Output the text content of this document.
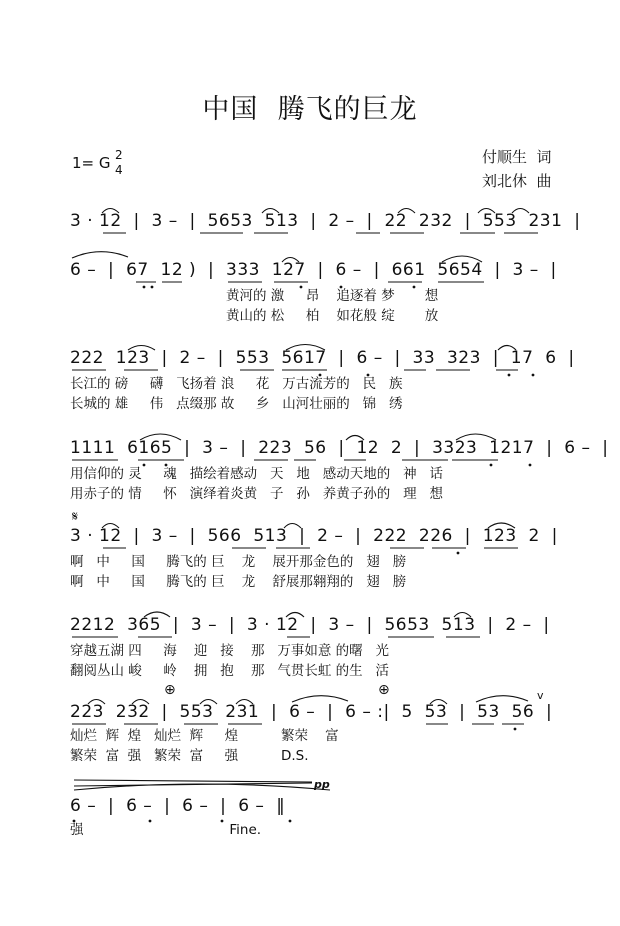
中国  腾飞的巨龙
1= G 2
4
付顺生  词
刘北休  曲
3 · 12  |  3 –  |  5653  513  |  2 –  |  22  232  |  553  231  |
6 –  |  67  12 )  |  333  127  |  6 –  |  661  5654  |  3 –  |
黄河的 激     昂    追逐着 梦       想
黄山的 松     柏    如花般 绽       放
222  123  |  2 –  |  553  5617  |  6 –  |  33  323  |  17  6  |
长江的 磅     礴   飞扬着 浪     花   万古流芳的   民   族
长城的 雄     伟   点缀那 故     乡   山河壮丽的   锦   绣
1111  6165  |  3 –  |  223  56  |  12  2  |  3323  1217  |  6 –  |
用信仰的 灵     魂   描绘着感动   天   地   感动天地的   神   话
用赤子的 情     怀   演绎着炎黄   子   孙   养黄子孙的   理   想
𝄋
3 · 12  |  3 –  |  566  513  |  2 –  |  222  226  |  123  2  |
啊   中     国     腾飞的 巨    龙    展开那金色的   翅   膀
啊   中     国     腾飞的 巨    龙    舒展那翱翔的   翅   膀
2212  365  |  3 –  |  3 · 12  |  3 –  |  5653  513  |  2 –  |
穿越五湖 四     海    迎   接    那   万事如意 的曙   光
翻阅丛山 峻     岭    拥   抱    那   气贯长虹 的生   活
⊕	⊕	v
223  232  |  553  231  |  6 –  |  6 – :|  5  53  |  53  56  |
灿烂  辉  煌   灿烂  辉     煌          繁荣    富
繁荣  富  强   繁荣  富     强          D.S.
pp
6 –  |  6 –  |  6 –  |  6 –  ‖
强                                  Fine.
